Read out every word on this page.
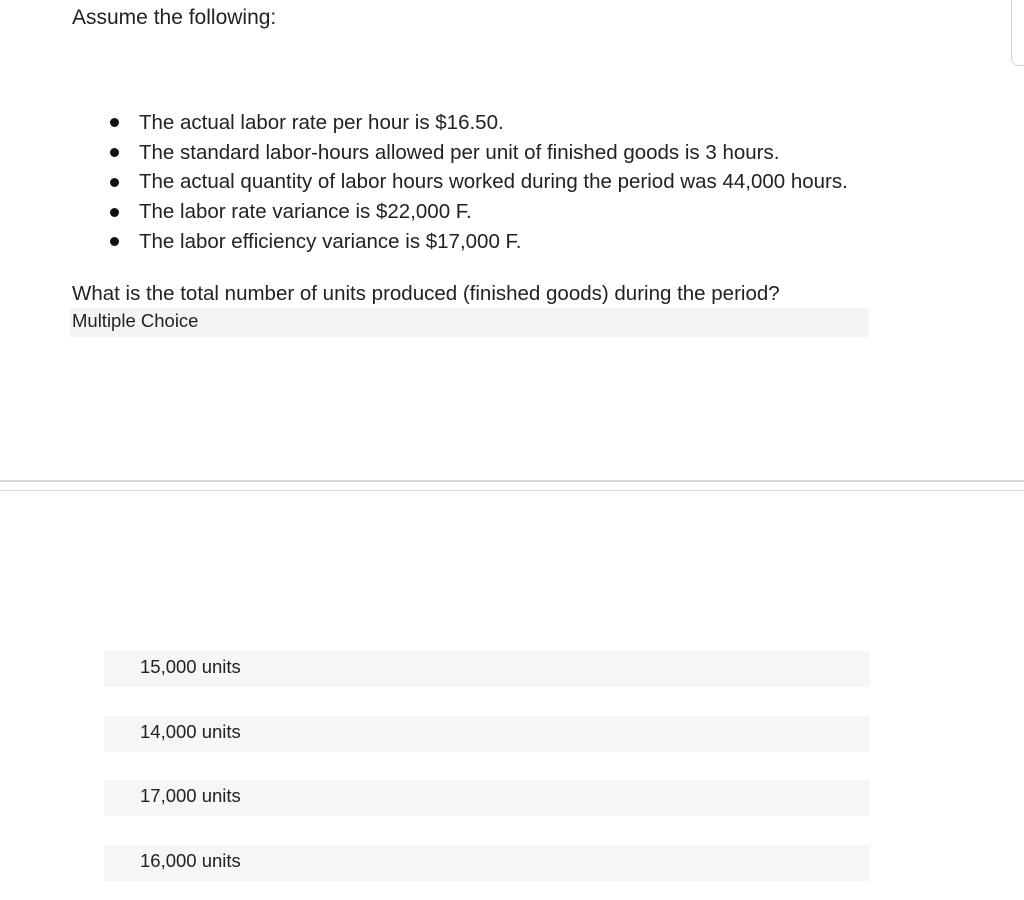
Assume the following:

The actual labor rate per hour is $16.50.
The standard labor-hours allowed per unit of finished goods is 3 hours.
The actual quantity of labor hours worked during the period was 44,000 hours.
The labor rate variance is $22,000 F.
The labor efficiency variance is $17,000 F.

What is the total number of units produced (finished goods) during the period?

Multiple Choice
15,000 units
14,000 units
17,000 units
16,000 units
